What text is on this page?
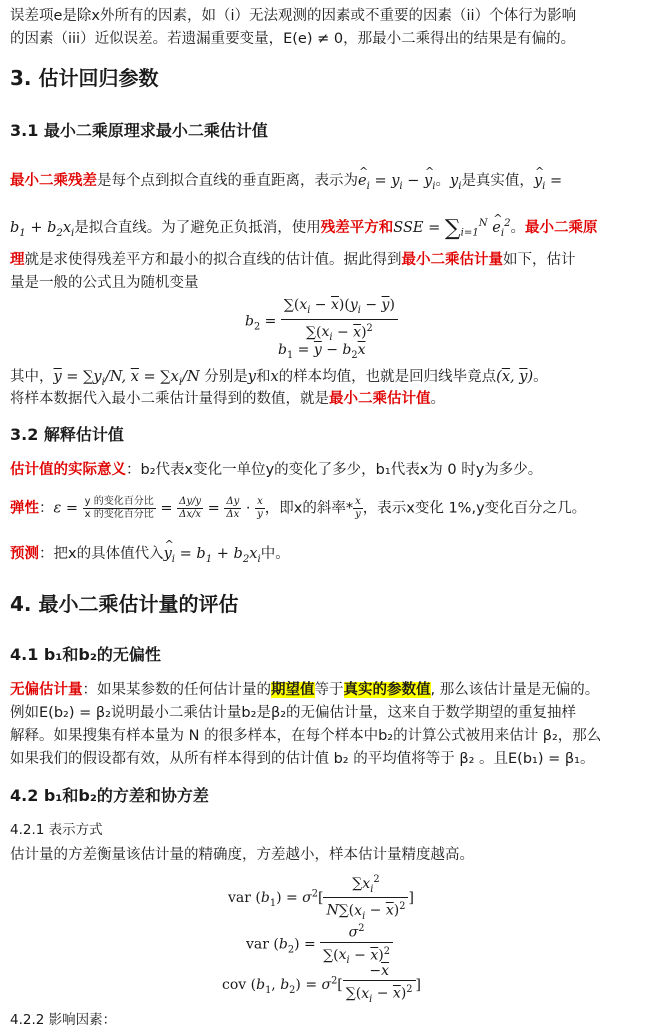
误差项e是除x外所有的因素，如（i）无法观测的因素或不重要的因素（ii）个体行为影响
的因素（iii）近似误差。若遗漏重要变量，E(e) ≠ 0，那最小二乘得出的结果是有偏的。
3. 估计回归参数
3.1 最小二乘原理求最小二乘估计值
最小二乘残差是每个点到拟合直线的垂直距离，表示为^ $e_i = y_i$ − ^ $y_i$。$y_i$是真实值，^ $y_i$ =
$b_1 + b_2x_i$是拟合直线。为了避免正负抵消，使用残差平方和SSE = $\sum_{i=1}^N$ ^ $e_i^2$。最小二乘原
理就是求使得残差平方和最小的拟合直线的估计值。据此得到最小二乘估计量如下，估计
量是一般的公式且为随机变量
$b_2 = \frac{\sum(x_i - \overline{x})(y_i - \overline{y})}{\sum(x_i - \overline{x})^2}$
$b_1 = \overline{y} - b_2\overline{x}$
其中，$\overline{y} = \sum y_i/N$, $\overline{x} = \sum x_i/N$ 分别是y和x的样本均值，也就是回归线毕竟点($\overline{x}$, $\overline{y}$)。
将样本数据代入最小二乘估计量得到的数值，就是最小二乘估计值。
3.2 解释估计值
估计值的实际意义：b₂代表x变化一单位y的变化了多少，b₁代表x为 0 时y为多少。
弹性：$\varepsilon = \frac{\text{y 的变化百分比}}{\text{x 的变化百分比}} = \frac{\Delta y/y}{\Delta x/x} = \frac{\Delta y}{\Delta x} \cdot \frac{x}{y}$ ，即x的斜率* $\frac{x}{y}$ ，表示x变化 1%,y变化百分之几。
预测：把x的具体值代入^ $y_i = b_1 + b_2x_i$中。
4. 最小二乘估计量的评估
4.1 b₁和b₂的无偏性
无偏估计量：如果某参数的任何估计量的期望值等于真实的参数值, 那么该估计量是无偏的。
例如E(b₂) = β₂说明最小二乘估计量b₂是β₂的无偏估计量，这来自于数学期望的重复抽样
解释。如果搜集有样本量为 N 的很多样本，在每个样本中b₂的计算公式被用来估计 β₂，那么
如果我们的假设都有效，从所有样本得到的估计值 b₂ 的平均值将等于 β₂ 。且E(b₁) = β₁。
4.2 b₁和b₂的方差和协方差
4.2.1 表示方式
估计量的方差衡量该估计量的精确度，方差越小，样本估计量精度越高。
var $(b_1) = \sigma^2[ \frac{\sum x_i^2}{N\sum(x_i - \overline{x})^2}$ ]
var $(b_2) = \frac{\sigma^2}{\sum(x_i - \overline{x})^2}$
cov ($b_1$, $b_2) = \sigma^2[ \frac{-\overline{x}}{\sum(x_i - \overline{x})^2}$ ]
4.2.2 影响因素：
